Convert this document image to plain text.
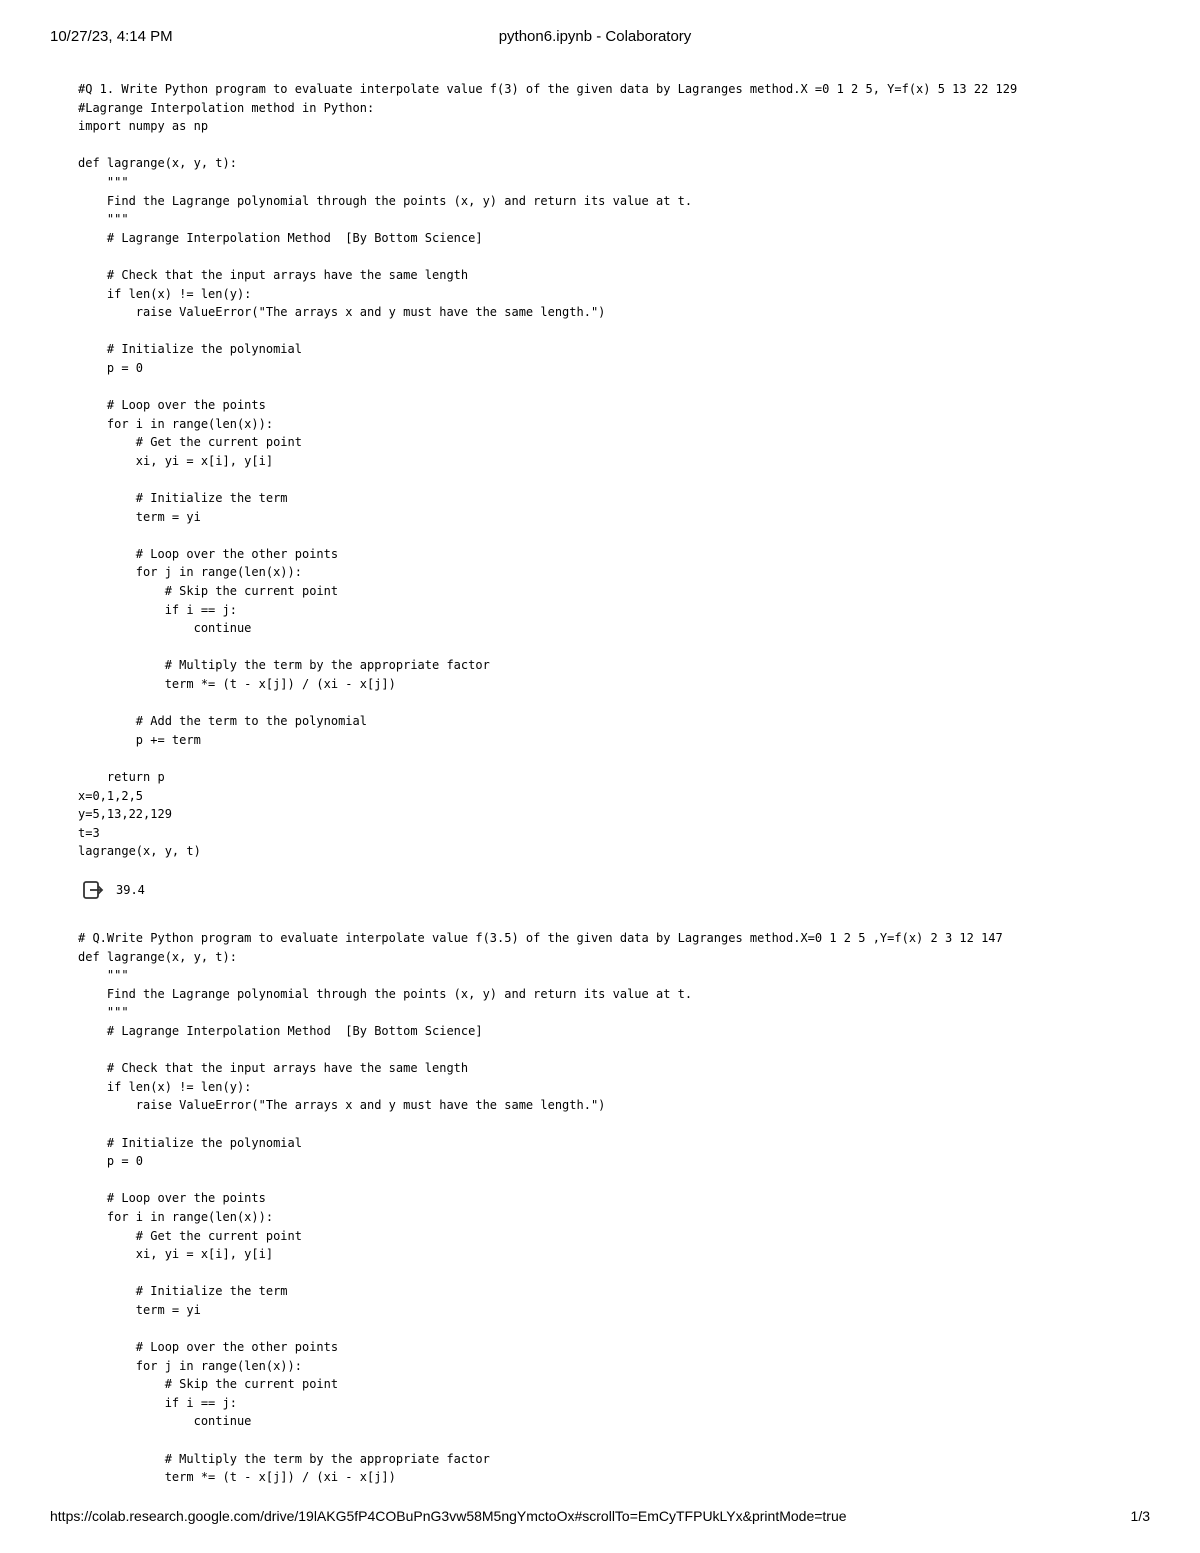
10/27/23, 4:14 PM	python6.ipynb - Colaboratory
#Q 1. Write Python program to evaluate interpolate value f(3) of the given data by Lagranges method.X =0 1 2 5, Y=f(x) 5 13 22 129
#Lagrange Interpolation method in Python:
import numpy as np
def lagrange(x, y, t):
"""
Find the Lagrange polynomial through the points (x, y) and return its value at t.
"""
# Lagrange Interpolation Method  [By Bottom Science]
# Check that the input arrays have the same length
if len(x) != len(y):
raise ValueError("The arrays x and y must have the same length.")
# Initialize the polynomial
p = 0
# Loop over the points
for i in range(len(x)):
# Get the current point
xi, yi = x[i], y[i]
# Initialize the term
term = yi
# Loop over the other points
for j in range(len(x)):
# Skip the current point
if i == j:
continue
# Multiply the term by the appropriate factor
term *= (t - x[j]) / (xi - x[j])
# Add the term to the polynomial
p += term
return p
x=0,1,2,5
y=5,13,22,129
t=3
lagrange(x, y, t)
39.4
# Q.Write Python program to evaluate interpolate value f(3.5) of the given data by Lagranges method.X=0 1 2 5 ,Y=f(x) 2 3 12 147
def lagrange(x, y, t):
"""
Find the Lagrange polynomial through the points (x, y) and return its value at t.
"""
# Lagrange Interpolation Method  [By Bottom Science]
# Check that the input arrays have the same length
if len(x) != len(y):
raise ValueError("The arrays x and y must have the same length.")
# Initialize the polynomial
p = 0
# Loop over the points
for i in range(len(x)):
# Get the current point
xi, yi = x[i], y[i]
# Initialize the term
term = yi
# Loop over the other points
for j in range(len(x)):
# Skip the current point
if i == j:
continue
# Multiply the term by the appropriate factor
term *= (t - x[j]) / (xi - x[j])
https://colab.research.google.com/drive/19lAKG5fP4COBuPnG3vw58M5ngYmctoOx#scrollTo=EmCyTFPUkLYx&printMode=true	1/3
